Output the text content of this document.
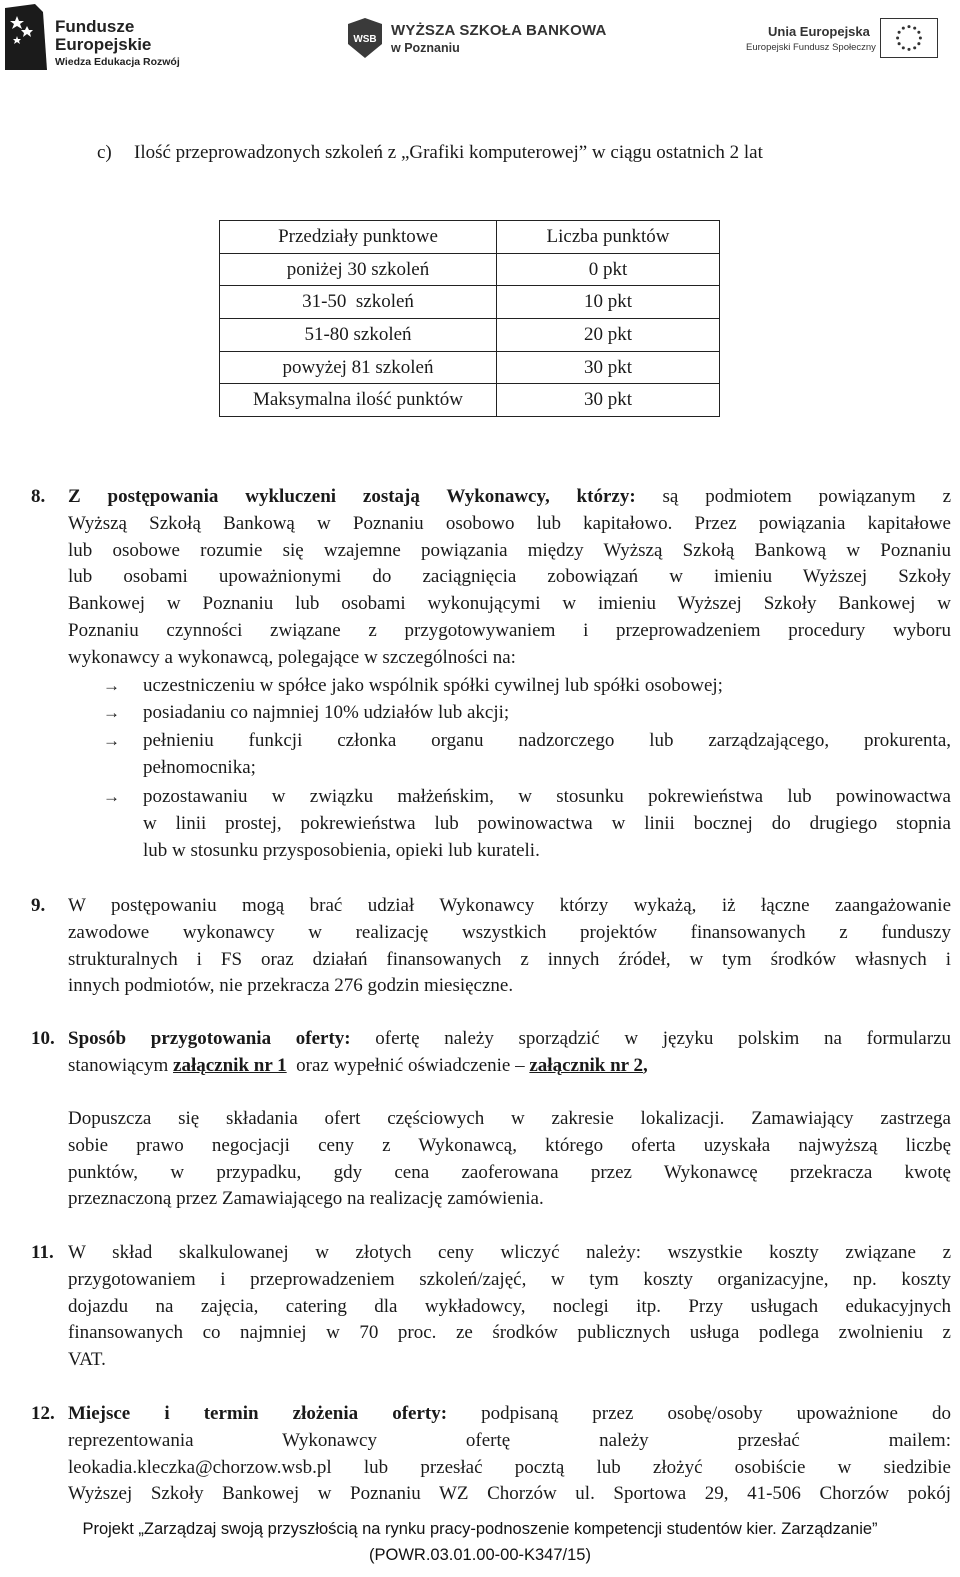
Fundusze
Europejskie
Wiedza Edukacja Rozwój
WSB
WYŻSZA SZKOŁA BANKOWA
w Poznaniu
Unia Europejska
Europejski Fundusz Społeczny
c) Ilość przeprowadzonych szkoleń z „Grafiki komputerowej” w ciągu ostatnich 2 lat
Przedziały punktowe	Liczba punktów
poniżej 30 szkoleń	0 pkt
31-50  szkoleń	10 pkt
51-80 szkoleń	20 pkt
powyżej 81 szkoleń	30 pkt
Maksymalna ilość punktów	30 pkt
8. Z postępowania wykluczeni zostają Wykonawcy, którzy: są podmiotem powiązanym z
Wyższą Szkołą Bankową w Poznaniu osobowo lub kapitałowo. Przez powiązania kapitałowe
lub osobowe rozumie się wzajemne powiązania między Wyższą Szkołą Bankową w Poznaniu
lub osobami upoważnionymi do zaciągnięcia zobowiązań w imieniu Wyższej Szkoły
Bankowej w Poznaniu lub osobami wykonującymi w imieniu Wyższej Szkoły Bankowej w
Poznaniu czynności związane z przygotowywaniem i przeprowadzeniem procedury wyboru
wykonawcy a wykonawcą, polegające w szczególności na:
→ uczestniczeniu w spółce jako wspólnik spółki cywilnej lub spółki osobowej;
→ posiadaniu co najmniej 10% udziałów lub akcji;
→ pełnieniu funkcji członka organu nadzorczego lub zarządzającego, prokurenta,
pełnomocnika;
→ pozostawaniu w związku małżeńskim, w stosunku pokrewieństwa lub powinowactwa
w linii prostej, pokrewieństwa lub powinowactwa w linii bocznej do drugiego stopnia
lub w stosunku przysposobienia, opieki lub kurateli.
9. W postępowaniu mogą brać udział Wykonawcy którzy wykażą, iż łączne zaangażowanie
zawodowe wykonawcy w realizację wszystkich projektów finansowanych z funduszy
strukturalnych i FS oraz działań finansowanych z innych źródeł, w tym środków własnych i
innych podmiotów, nie przekracza 276 godzin miesięczne.
10. Sposób przygotowania oferty: ofertę należy sporządzić w języku polskim na formularzu
stanowiącym załącznik nr 1 oraz wypełnić oświadczenie – załącznik nr 2,
Dopuszcza się składania ofert częściowych w zakresie lokalizacji. Zamawiający zastrzega
sobie prawo negocjacji ceny z Wykonawcą, którego oferta uzyskała najwyższą liczbę
punktów, w przypadku, gdy cena zaoferowana przez Wykonawcę przekracza kwotę
przeznaczoną przez Zamawiającego na realizację zamówienia.
11. W skład skalkulowanej w złotych ceny wliczyć należy: wszystkie koszty związane z
przygotowaniem i przeprowadzeniem szkoleń/zajęć, w tym koszty organizacyjne, np. koszty
dojazdu na zajęcia, catering dla wykładowcy, noclegi itp. Przy usługach edukacyjnych
finansowanych co najmniej w 70 proc. ze środków publicznych usługa podlega zwolnieniu z
VAT.
12. Miejsce i termin złożenia oferty: podpisaną przez osobę/osoby upoważnione do
reprezentowania Wykonawcy ofertę należy przesłać mailem:
leokadia.kleczka@chorzow.wsb.pl lub przesłać pocztą lub złożyć osobiście w siedzibie
Wyższej Szkoły Bankowej w Poznaniu WZ Chorzów ul. Sportowa 29, 41-506 Chorzów pokój
Projekt „Zarządzaj swoją przyszłością na rynku pracy-podnoszenie kompetencji studentów kier. Zarządzanie”
(POWR.03.01.00-00-K347/15)
